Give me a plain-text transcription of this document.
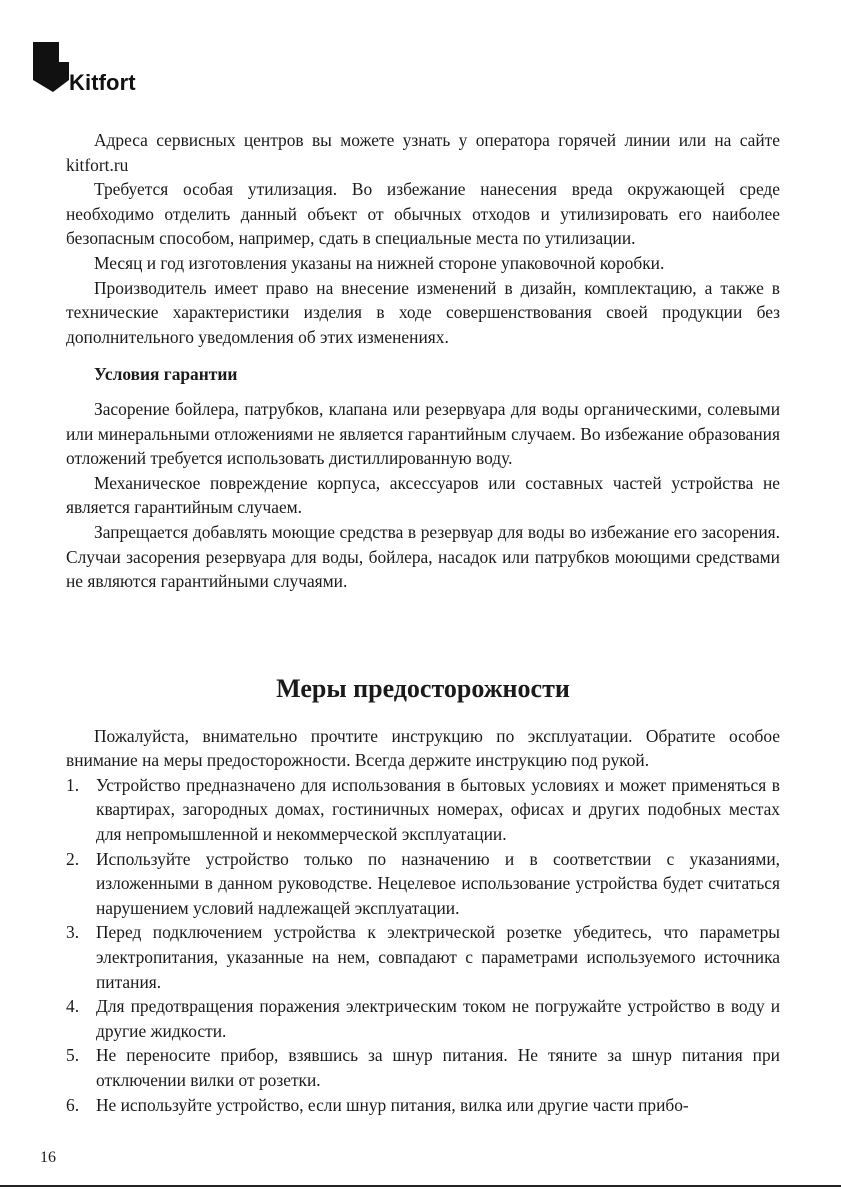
Kitfort

Адреса сервисных центров вы можете узнать у оператора горячей линии или на сайте kitfort.ru

Требуется особая утилизация. Во избежание нанесения вреда окружающей среде необходимо отделить данный объект от обычных отходов и утилизировать его наиболее безопасным способом, например, сдать в специальные места по утилизации.

Месяц и год изготовления указаны на нижней стороне упаковочной коробки.

Производитель имеет право на внесение изменений в дизайн, комплектацию, а также в технические характеристики изделия в ходе совершенствования своей продукции без дополнительного уведомления об этих изменениях.

Условия гарантии

Засорение бойлера, патрубков, клапана или резервуара для воды органическими, солевыми или минеральными отложениями не является гарантийным случаем. Во избежание образования отложений требуется использовать дистиллированную воду.

Механическое повреждение корпуса, аксессуаров или составных частей устройства не является гарантийным случаем.

Запрещается добавлять моющие средства в резервуар для воды во избежание его засорения. Случаи засорения резервуара для воды, бойлера, насадок или патрубков моющими средствами не являются гарантийными случаями.

Меры предосторожности

Пожалуйста, внимательно прочтите инструкцию по эксплуатации. Обратите особое внимание на меры предосторожности. Всегда держите инструкцию под рукой.

1. Устройство предназначено для использования в бытовых условиях и может применяться в квартирах, загородных домах, гостиничных номерах, офисах и других подобных местах для непромышленной и некоммерческой эксплуатации.
2. Используйте устройство только по назначению и в соответствии с указаниями, изложенными в данном руководстве. Нецелевое использование устройства будет считаться нарушением условий надлежащей эксплуатации.
3. Перед подключением устройства к электрической розетке убедитесь, что параметры электропитания, указанные на нем, совпадают с параметрами используемого источника питания.
4. Для предотвращения поражения электрическим током не погружайте устройство в воду и другие жидкости.
5. Не переносите прибор, взявшись за шнур питания. Не тяните за шнур питания при отключении вилки от розетки.
6. Не используйте устройство, если шнур питания, вилка или другие части прибо-
16
